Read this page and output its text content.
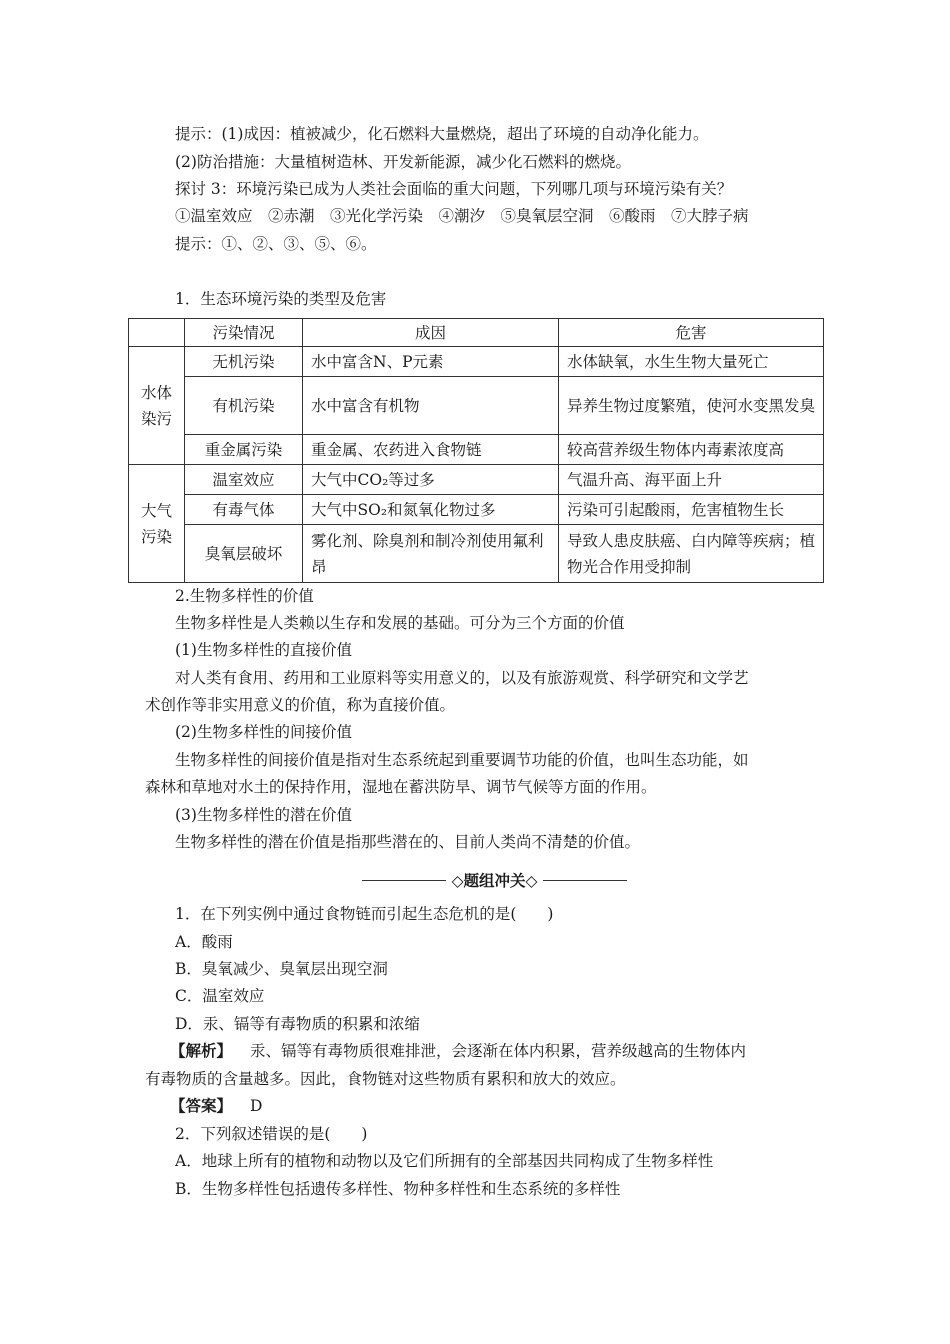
提示：(1)成因：植被减少，化石燃料大量燃烧，超出了环境的自动净化能力。
(2)防治措施：大量植树造林、开发新能源，减少化石燃料的燃烧。
探讨 3：环境污染已成为人类社会面临的重大问题，下列哪几项与环境污染有关？
①温室效应　②赤潮　③光化学污染　④潮汐　⑤臭氧层空洞　⑥酸雨　⑦大脖子病
提示：①、②、③、⑤、⑥。
1．生态环境污染的类型及危害
	污染情况	成因	危害
水体染污	无机污染	水中富含N、P元素	水体缺氧，水生生物大量死亡
	有机污染	水中富含有机物	异养生物过度繁殖，使河水变黑发臭
	重金属污染	重金属、农药进入食物链	较高营养级生物体内毒素浓度高
大气污染	温室效应	大气中CO₂等过多	气温升高、海平面上升
	有毒气体	大气中SO₂和氮氧化物过多	污染可引起酸雨，危害植物生长
	臭氧层破坏	雾化剂、除臭剂和制冷剂使用氟利昂	导致人患皮肤癌、白内障等疾病；植物光合作用受抑制
2.生物多样性的价值
生物多样性是人类赖以生存和发展的基础。可分为三个方面的价值
(1)生物多样性的直接价值
对人类有食用、药用和工业原料等实用意义的，以及有旅游观赏、科学研究和文学艺
术创作等非实用意义的价值，称为直接价值。
(2)生物多样性的间接价值
生物多样性的间接价值是指对生态系统起到重要调节功能的价值，也叫生态功能，如
森林和草地对水土的保持作用，湿地在蓄洪防旱、调节气候等方面的作用。
(3)生物多样性的潜在价值
生物多样性的潜在价值是指那些潜在的、目前人类尚不清楚的价值。
◇题组冲关◇
1．在下列实例中通过食物链而引起生态危机的是(　　)
A．酸雨
B．臭氧减少、臭氧层出现空洞
C．温室效应
D．汞、镉等有毒物质的积累和浓缩
【解析】 汞、镉等有毒物质很难排泄，会逐渐在体内积累，营养级越高的生物体内
有毒物质的含量越多。因此，食物链对这些物质有累积和放大的效应。
【答案】 D
2．下列叙述错误的是(　　)
A．地球上所有的植物和动物以及它们所拥有的全部基因共同构成了生物多样性
B．生物多样性包括遗传多样性、物种多样性和生态系统的多样性
